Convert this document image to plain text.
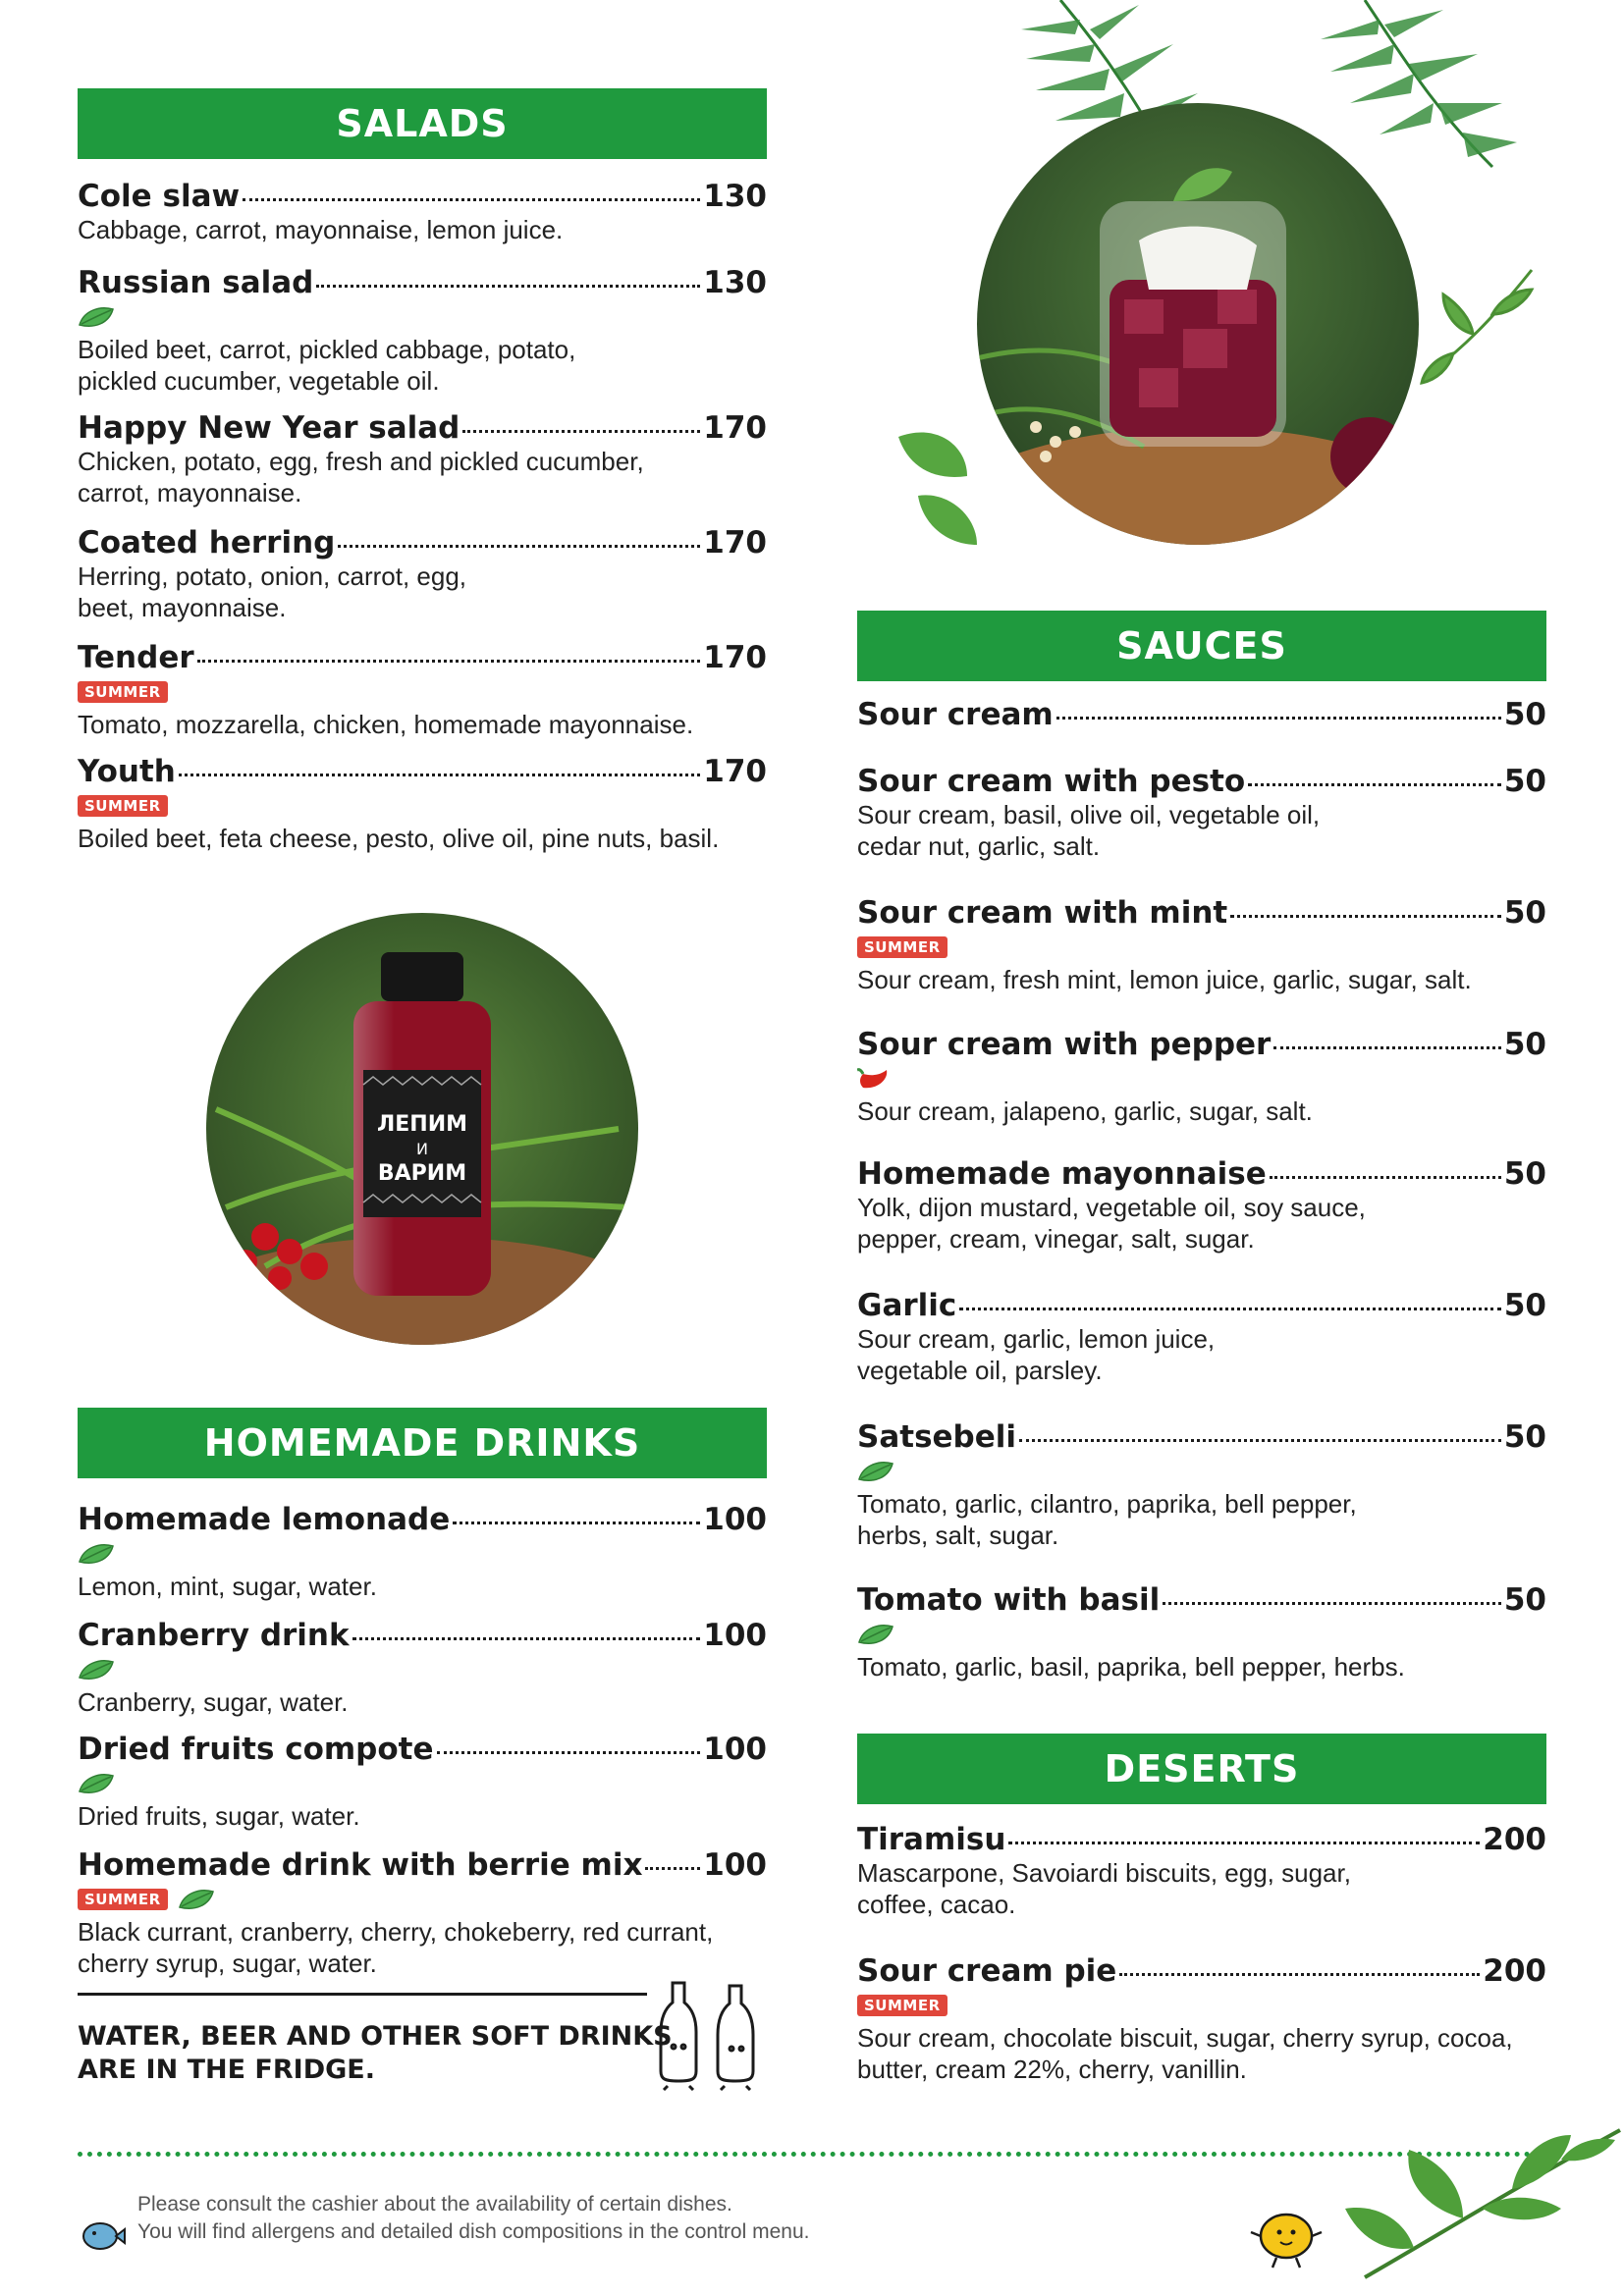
SALADS
Cole slaw	130
Cabbage, carrot, mayonnaise, lemon juice.
Russian salad	130
Boiled beet, carrot, pickled cabbage, potato,
pickled cucumber, vegetable oil.
Happy New Year salad	170
Chicken, potato, egg, fresh and pickled cucumber,
carrot, mayonnaise.
Coated herring	170
Herring, potato, onion, carrot, egg,
beet, mayonnaise.
Tender	170
SUMMER
Tomato, mozzarella, chicken, homemade mayonnaise.
Youth	170
SUMMER
Boiled beet, feta cheese, pesto, olive oil, pine nuts, basil.
ЛЕПИМ
И
ВАРИМ
HOMEMADE DRINKS
Homemade lemonade	100
Lemon, mint, sugar, water.
Cranberry drink	100
Cranberry, sugar, water.
Dried fruits compote	100
Dried fruits, sugar, water.
Homemade drink with berrie mix 100
SUMMER
Black currant, cranberry, cherry, chokeberry, red currant,
cherry syrup, sugar, water.
WATER, BEER AND OTHER SOFT DRINKS
ARE IN THE FRIDGE.
SAUCES
Sour cream	50
Sour cream with pesto	50
Sour cream, basil, olive oil, vegetable oil,
cedar nut, garlic, salt.
Sour cream with mint	50
SUMMER
Sour cream, fresh mint, lemon juice, garlic, sugar, salt.
Sour cream with pepper	50
Sour cream, jalapeno, garlic, sugar, salt.
Homemade mayonnaise	50
Yolk, dijon mustard, vegetable oil, soy sauce,
pepper, cream, vinegar, salt, sugar.
Garlic	50
Sour cream, garlic, lemon juice,
vegetable oil, parsley.
Satsebeli	50
Tomato, garlic, cilantro, paprika, bell pepper,
herbs, salt, sugar.
Tomato with basil	50
Tomato, garlic, basil, paprika, bell pepper, herbs.
DESERTS
Tiramisu	200
Mascarpone, Savoiardi biscuits, egg, sugar,
coffee, cacao.
Sour cream pie	200
SUMMER
Sour cream, chocolate biscuit, sugar, cherry syrup, cocoa,
butter, cream 22%, cherry, vanillin.
Please consult the cashier about the availability of certain dishes.
You will find allergens and detailed dish compositions in the control menu.
